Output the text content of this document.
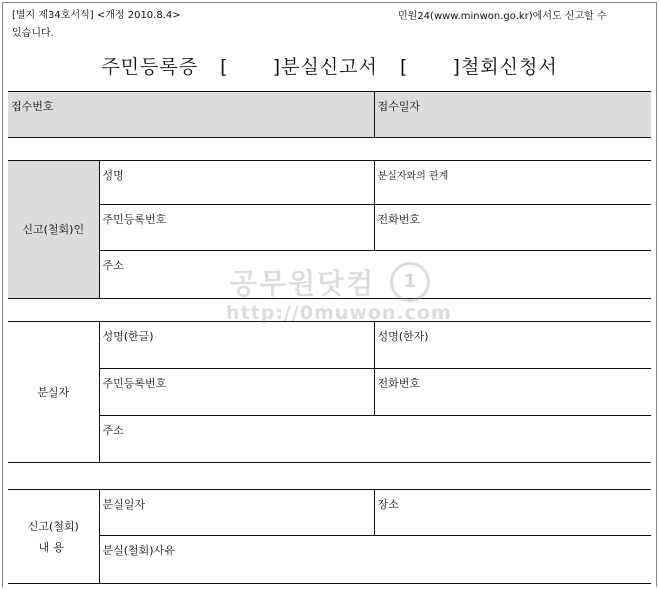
[별지 제34호서식] <개정 2010.8.4>	민원24(www.minwon.go.kr)에서도 신고할 수
있습니다.
주민등록증  [    ]분실신고서  [    ]철회신청서
접수번호	접수일자
신고(철회)인	성명	분실자와의 관계
	주민등록번호	전화번호
	주소	
분실자	성명(한글)	성명(한자)
	주민등록번호	전화번호
	주소	
신고(철회)
내용
	분실일자	장소
분실(철회)사유
공무원닷컴	1
http://0muwon.com
